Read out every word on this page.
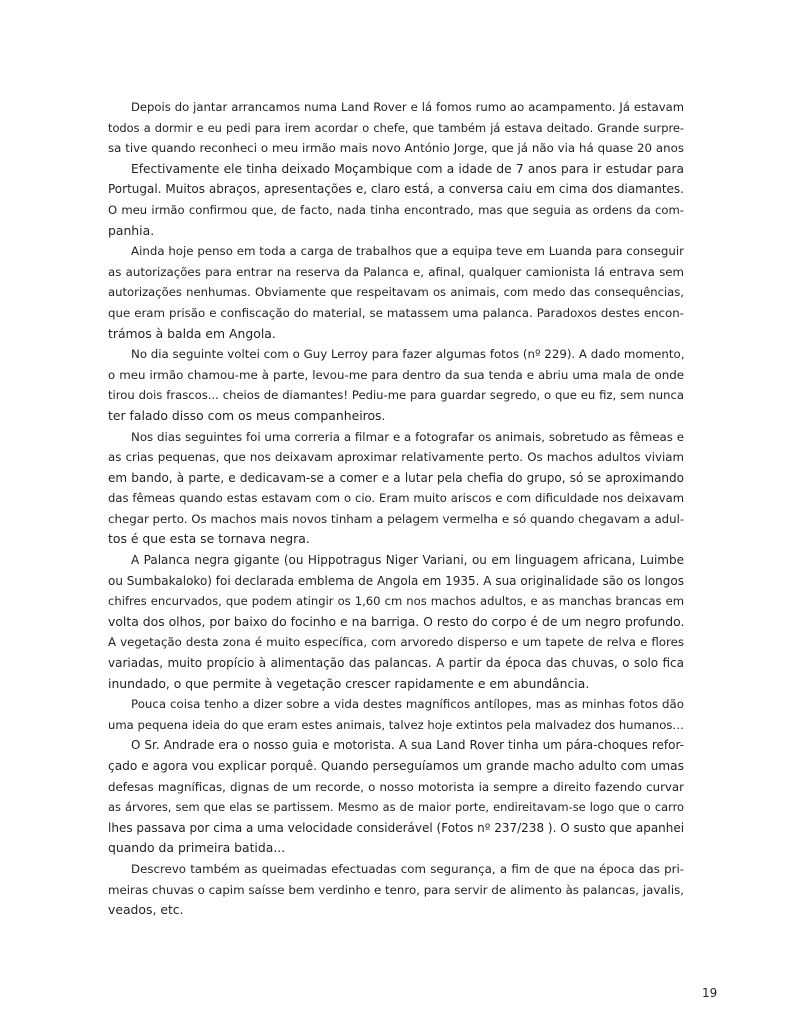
Depois do jantar arrancamos numa Land Rover e lá fomos rumo ao acampamento. Já estavam
todos a dormir e eu pedi para irem acordar o chefe, que também já estava deitado. Grande surpre-
sa tive quando reconheci o meu irmão mais novo António Jorge, que já não via há quase 20 anos
Efectivamente ele tinha deixado Moçambique com a idade de 7 anos para ir estudar para
Portugal. Muitos abraços, apresentações e, claro está, a conversa caiu em cima dos diamantes.
O meu irmão confirmou que, de facto, nada tinha encontrado, mas que seguia as ordens da com-
panhia.
Ainda hoje penso em toda a carga de trabalhos que a equipa teve em Luanda para conseguir
as autorizações para entrar na reserva da Palanca e, afinal, qualquer camionista lá entrava sem
autorizações nenhumas. Obviamente que respeitavam os animais, com medo das consequências,
que eram prisão e confiscação do material, se matassem uma palanca. Paradoxos destes encon-
trámos à balda em Angola.
No dia seguinte voltei com o Guy Lerroy para fazer algumas fotos (nº 229). A dado momento,
o meu irmão chamou-me à parte, levou-me para dentro da sua tenda e abriu uma mala de onde
tirou dois frascos... cheios de diamantes! Pediu-me para guardar segredo, o que eu fiz, sem nunca
ter falado disso com os meus companheiros.
Nos dias seguintes foi uma correria a filmar e a fotografar os animais, sobretudo as fêmeas e
as crias pequenas, que nos deixavam aproximar relativamente perto. Os machos adultos viviam
em bando, à parte, e dedicavam-se a comer e a lutar pela chefia do grupo, só se aproximando
das fêmeas quando estas estavam com o cio. Eram muito ariscos e com dificuldade nos deixavam
chegar perto. Os machos mais novos tinham a pelagem vermelha e só quando chegavam a adul-
tos é que esta se tornava negra.
A Palanca negra gigante (ou Hippotragus Niger Variani, ou em linguagem africana, Luimbe
ou Sumbakaloko) foi declarada emblema de Angola em 1935. A sua originalidade são os longos
chifres encurvados, que podem atingir os 1,60 cm nos machos adultos, e as manchas brancas em
volta dos olhos, por baixo do focinho e na barriga. O resto do corpo é de um negro profundo.
A vegetação desta zona é muito específica, com arvoredo disperso e um tapete de relva e flores
variadas, muito propício à alimentação das palancas. A partir da época das chuvas, o solo fica
inundado, o que permite à vegetação crescer rapidamente e em abundância.
Pouca coisa tenho a dizer sobre a vida destes magníficos antílopes, mas as minhas fotos dão
uma pequena ideia do que eram estes animais, talvez hoje extintos pela malvadez dos humanos…
O Sr. Andrade era o nosso guia e motorista. A sua Land Rover tinha um pára-choques refor-
çado e agora vou explicar porquê. Quando perseguíamos um grande macho adulto com umas
defesas magníficas, dignas de um recorde, o nosso motorista ia sempre a direito fazendo curvar
as árvores, sem que elas se partissem. Mesmo as de maior porte, endireitavam-se logo que o carro
lhes passava por cima a uma velocidade considerável (Fotos nº 237/238 ). O susto que apanhei
quando da primeira batida...
Descrevo também as queimadas efectuadas com segurança, a fim de que na época das pri-
meiras chuvas o capim saísse bem verdinho e tenro, para servir de alimento às palancas, javalis,
veados, etc.
19
